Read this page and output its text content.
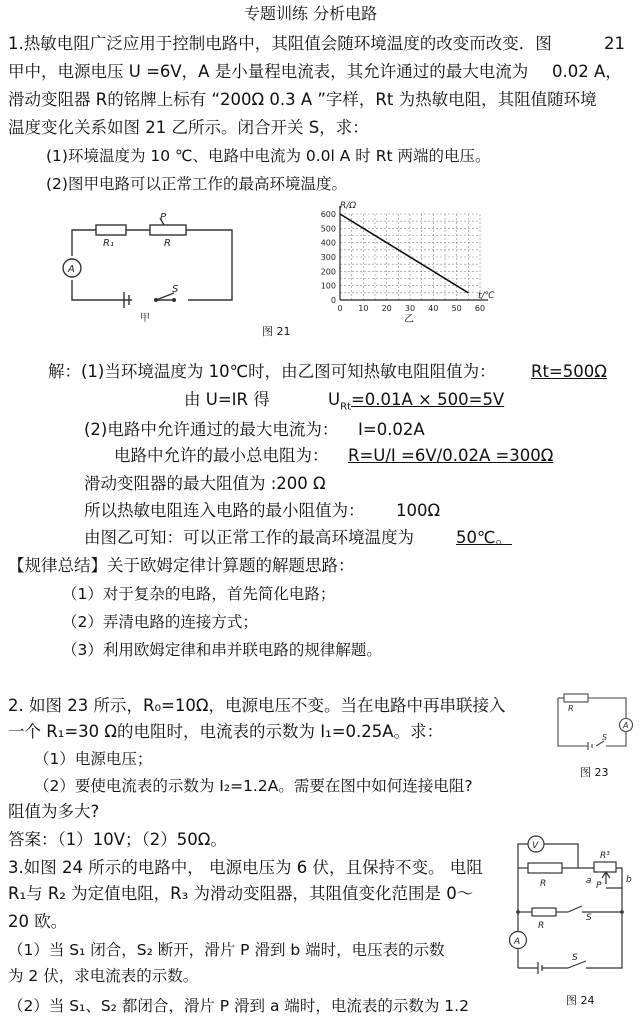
专题训练 分析电路
1.热敏电阻广泛应用于控制电路中，其阻值会随环境温度的改变而改变．图	21
甲中，电源电压 U =6V，A 是小量程电流表，其允许通过的最大电流为 0.02 A，
滑动变阻器 R的铭牌上标有 “200Ω 0.3 A ”字样，Rt 为热敏电阻，其阻值随环境
温度变化关系如图 21 乙所示。闭合开关 S，求：
(1)环境温度为 10 ℃、电路中电流为 0.0l A 时 Rt 两端的电压。
(2)图甲电路可以正常工作的最高环境温度。
R₁	R
P
A
S
甲
图 21
0 10 20 30 40 50 60
0
100
200
300
400
500
600
R/Ω
t/℃
乙
解：(1)当环境温度为 10℃时，由乙图可知热敏电阻阻值为： Rt=500Ω
由 U=IR 得	$U_{Rt}=0.01A \times 500=5V$
(2)电路中允许通过的最大电流为： I=0.02A
电路中允许的最小总电阻为： R=U/I =6V/0.02A =300Ω
滑动变阻器的最大阻值为 :200 Ω
所以热敏电阻连入电路的最小阻值为： 100Ω
由图乙可知：可以正常工作的最高环境温度为	50℃。
【规律总结】关于欧姆定律计算题的解题思路：
（1）对于复杂的电路，首先简化电路；
（2）弄清电路的连接方式；
（3）利用欧姆定律和串并联电路的规律解题。
2. 如图 23 所示，R₀=10Ω，电源电压不变。当在电路中再串联接入
一个 R₁=30 Ω的电阻时，电流表的示数为 I₁=0.25A。求：
（1）电源电压；
（2）要使电流表的示数为 I₂=1.2A。需要在图中如何连接电阻?
阻值为多大?
答案：（1）10V；（2）50Ω。
R
A
S
图 23
3.如图 24 所示的电路中， 电源电压为 6 伏，且保持不变。 电阻
R₁与 R₂ 为定值电阻，R₃ 为滑动变阻器，其阻值变化范围是 0～
20 欧。
（1）当 S₁ 闭合，S₂ 断开，滑片 P 滑到 b 端时，电压表的示数
为 2 伏，求电流表的示数。
（2）当 S₁、S₂ 都闭合，滑片 P 滑到 a 端时，电流表的示数为 1.2
V
R
R³
a	b
P
R
S
A
S
图 24
